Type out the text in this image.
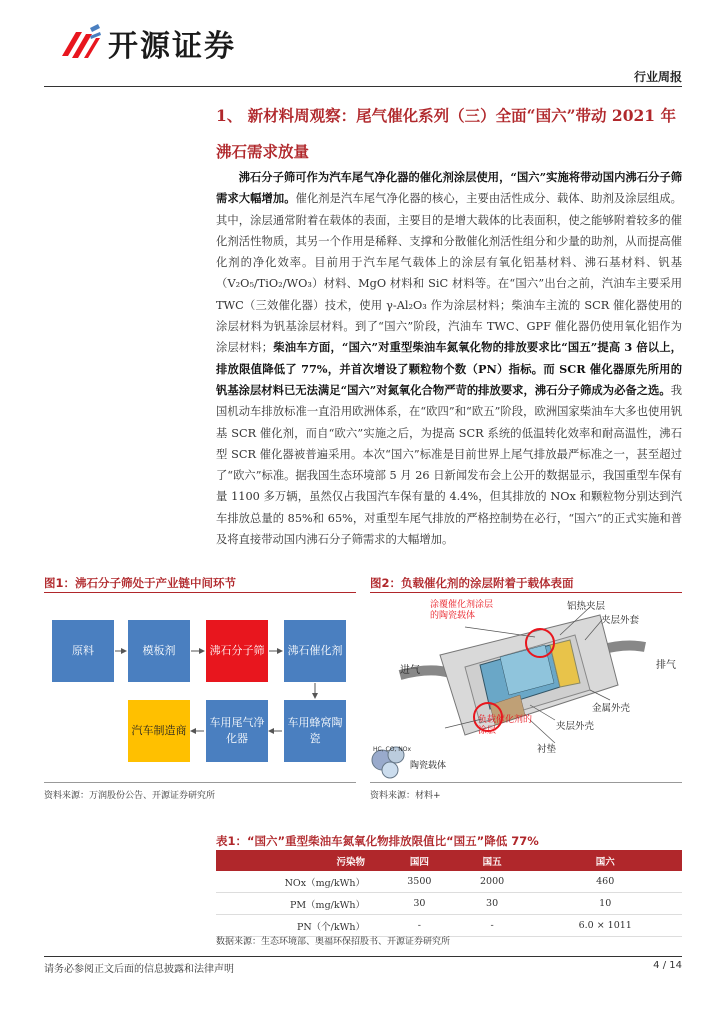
开源证券
行业周报
1、 新材料周观察：尾气催化系列（三）全面“国六”带动 2021 年沸石需求放量
沸石分子筛可作为汽车尾气净化器的催化剂涂层使用，“国六”实施将带动国内沸石分子筛需求大幅增加。催化剂是汽车尾气净化器的核心，主要由活性成分、载体、助剂及涂层组成。其中，涂层通常附着在载体的表面，主要目的是增大载体的比表面积，使之能够附着较多的催化剂活性物质，其另一个作用是稀释、支撑和分散催化剂活性组分和少量的助剂，从而提高催化剂的净化效率。目前用于汽车尾气载体上的涂层有氧化铝基材料、沸石基材料、钒基（V₂O₅/TiO₂/WO₃）材料、MgO 材料和 SiC 材料等。在“国六”出台之前，汽油车主要采用 TWC（三效催化器）技术，使用 γ-Al₂O₃ 作为涂层材料；柴油车主流的 SCR 催化器使用的涂层材料为钒基涂层材料。到了“国六”阶段，汽油车 TWC、GPF 催化器仍使用氧化铝作为涂层材料；柴油车方面，“国六”对重型柴油车氮氧化物的排放要求比“国五”提高 3 倍以上，排放限值降低了 77%，并首次增设了颗粒物个数（PN）指标。而 SCR 催化器原先所用的钒基涂层材料已无法满足“国六”对氮氧化合物严苛的排放要求，沸石分子筛成为必备之选。我国机动车排放标准一直沿用欧洲体系，在“欧四”和“欧五”阶段，欧洲国家柴油车大多也使用钒基 SCR 催化剂，而自“欧六”实施之后，为提高 SCR 系统的低温转化效率和耐高温性，沸石型 SCR 催化器被普遍采用。本次“国六”标准是目前世界上尾气排放最严标准之一，甚至超过了“欧六”标准。据我国生态环境部 5 月 26 日新闻发布会上公开的数据显示，我国重型车保有量 1100 多万辆，虽然仅占我国汽车保有量的 4.4%，但其排放的 NOx 和颗粒物分别达到汽车排放总量的 85%和 65%，对重型车尾气排放的严格控制势在必行，“国六”的正式实施和普及将直接带动国内沸石分子筛需求的大幅增加。
图1：沸石分子筛处于产业链中间环节
原料	模板剂	沸石分子筛	沸石催化剂
汽车制造商
车用尾气净化器
车用蜂窝陶瓷
资料来源：万润股份公告、开源证券研究所
图2：负载催化剂的涂层附着于载体表面
涂覆催化剂涂层的陶瓷载体
铝热夹层
夹层外套
进气	排气
金属外壳
负载催化剂的涂层	夹层外壳
衬垫
陶瓷载体
HC, CO, NOx
资料来源：材料+
表1：“国六”重型柴油车氮氧化物排放限值比“国五”降低 77%
污染物	国四	国五	国六
NOx（mg/kWh）	3500	2000	460
PM（mg/kWh）	30	30	10
PN（个/kWh）	-	-	6.0 × 1011
数据来源：生态环境部、奥福环保招股书、开源证券研究所
请务必参阅正文后面的信息披露和法律声明	4 / 14
